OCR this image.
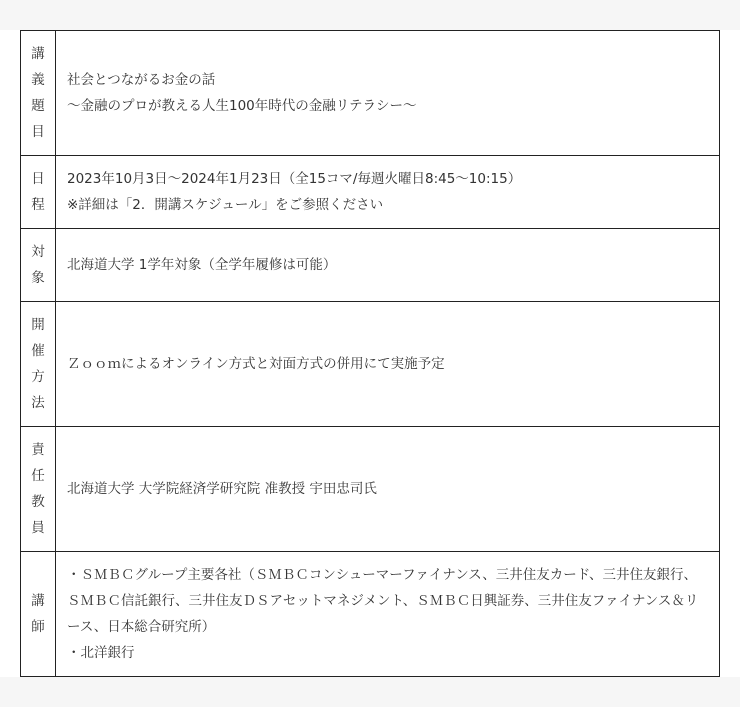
講
義
題
目	社会とつながるお金の話
～金融のプロが教える人生100年時代の金融リテラシー～

日
程	2023年10月3日～2024年1月23日（全15コマ/毎週火曜日8:45～10:15）
※詳細は「2．開講スケジュール」をご参照ください

対
象	北海道大学 1学年対象（全学年履修は可能）

開
催
方
法	Ｚｏｏｍによるオンライン方式と対面方式の併用にて実施予定

責
任
教
員	北海道大学 大学院経済学研究院 准教授 宇田忠司氏

講
師	・ＳＭＢＣグループ主要各社（ＳＭＢＣコンシューマーファイナンス、三井住友カード、三井住友銀行、ＳＭＢＣ信託銀行、三井住友ＤＳアセットマネジメント、ＳＭＢＣ日興証券、三井住友ファイナンス＆リース、日本総合研究所）
・北洋銀行
